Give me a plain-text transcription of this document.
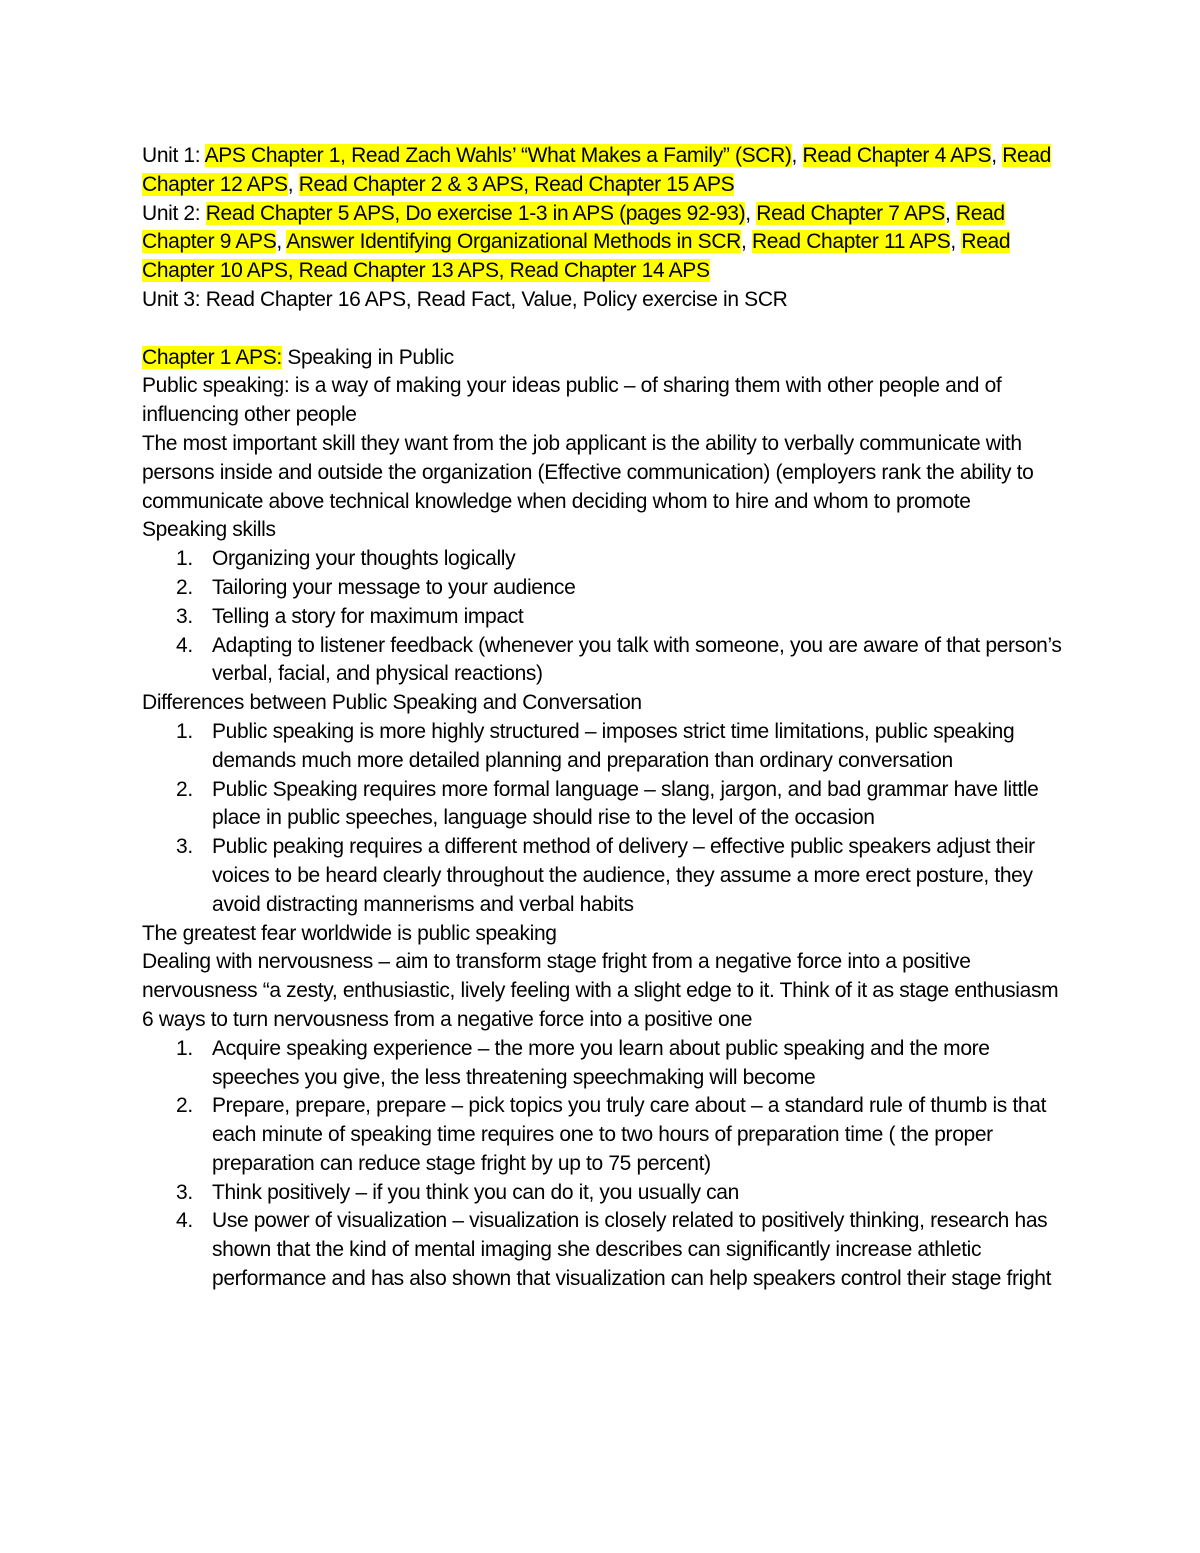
Unit 1: APS Chapter 1, Read Zach Wahls’ “What Makes a Family” (SCR), Read Chapter 4 APS, Read Chapter 12 APS, Read Chapter 2 & 3 APS, Read Chapter 15 APS
Unit 2: Read Chapter 5 APS, Do exercise 1-3 in APS (pages 92-93), Read Chapter 7 APS, Read Chapter 9 APS, Answer Identifying Organizational Methods in SCR, Read Chapter 11 APS, Read Chapter 10 APS, Read Chapter 13 APS, Read Chapter 14 APS
Unit 3: Read Chapter 16 APS, Read Fact, Value, Policy exercise in SCR
Chapter 1 APS: Speaking in Public
Public speaking: is a way of making your ideas public – of sharing them with other people and of influencing other people
The most important skill they want from the job applicant is the ability to verbally communicate with persons inside and outside the organization (Effective communication) (employers rank the ability to communicate above technical knowledge when deciding whom to hire and whom to promote
Speaking skills
1. Organizing your thoughts logically
2. Tailoring your message to your audience
3. Telling a story for maximum impact
4. Adapting to listener feedback (whenever you talk with someone, you are aware of that person’s verbal, facial, and physical reactions)
Differences between Public Speaking and Conversation
1. Public speaking is more highly structured – imposes strict time limitations, public speaking demands much more detailed planning and preparation than ordinary conversation
2. Public Speaking requires more formal language – slang, jargon, and bad grammar have little place in public speeches, language should rise to the level of the occasion
3. Public peaking requires a different method of delivery – effective public speakers adjust their voices to be heard clearly throughout the audience, they assume a more erect posture, they avoid distracting mannerisms and verbal habits
The greatest fear worldwide is public speaking
Dealing with nervousness – aim to transform stage fright from a negative force into a positive nervousness “a zesty, enthusiastic, lively feeling with a slight edge to it. Think of it as stage enthusiasm
6 ways to turn nervousness from a negative force into a positive one
1. Acquire speaking experience – the more you learn about public speaking and the more speeches you give, the less threatening speechmaking will become
2. Prepare, prepare, prepare – pick topics you truly care about – a standard rule of thumb is that each minute of speaking time requires one to two hours of preparation time ( the proper preparation can reduce stage fright by up to 75 percent)
3. Think positively – if you think you can do it, you usually can
4. Use power of visualization – visualization is closely related to positively thinking, research has shown that the kind of mental imaging she describes can significantly increase athletic performance and has also shown that visualization can help speakers control their stage fright
